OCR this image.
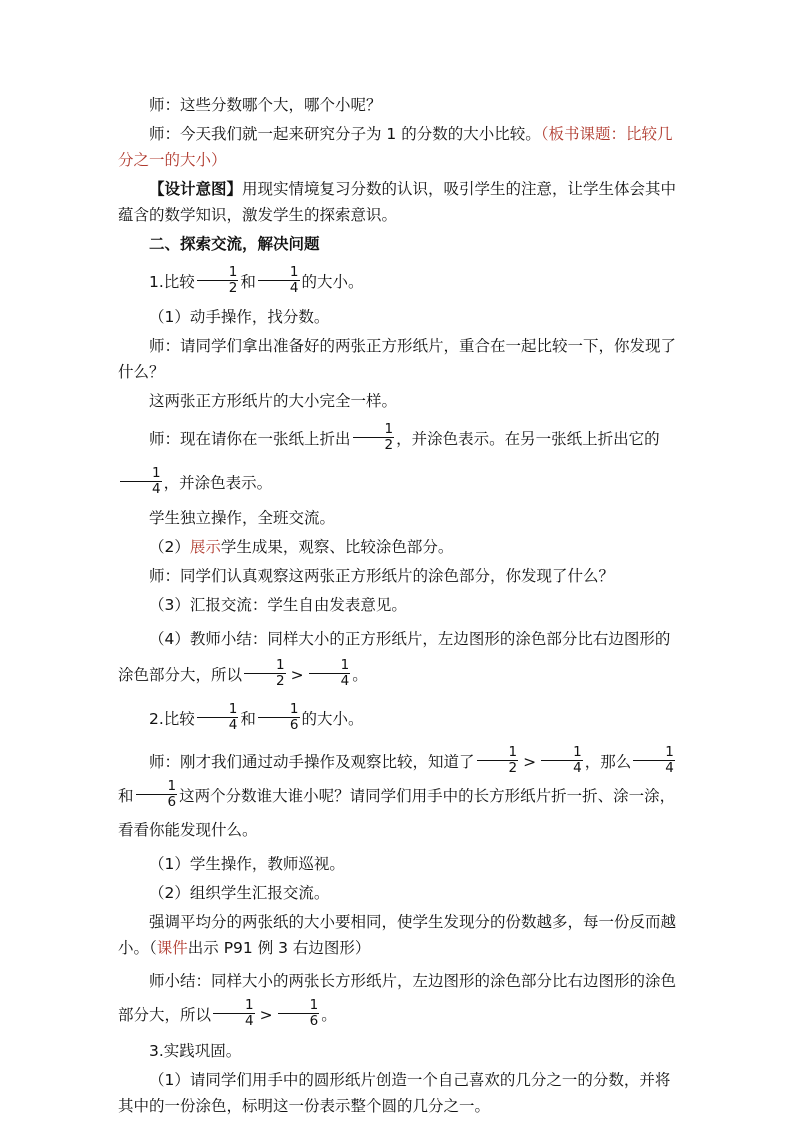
师：这些分数哪个大，哪个小呢？

师：今天我们就一起来研究分子为 1 的分数的大小比较。（板书课题：比较几分之一的大小）

【设计意图】用现实情境复习分数的认识，吸引学生的注意，让学生体会其中蕴含的数学知识，激发学生的探索意识。

二、探索交流，解决问题

1.比较 $\frac{1}{2}$ 和 $\frac{1}{4}$ 的大小。

（1）动手操作，找分数。

师：请同学们拿出准备好的两张正方形纸片，重合在一起比较一下，你发现了什么？

这两张正方形纸片的大小完全一样。

师：现在请你在一张纸上折出 $\frac{1}{2}$ ，并涂色表示。在另一张纸上折出它的
$\frac{1}{4}$ ，并涂色表示。

学生独立操作，全班交流。

（2）展示学生成果，观察、比较涂色部分。

师：同学们认真观察这两张正方形纸片的涂色部分，你发现了什么？

（3）汇报交流：学生自由发表意见。

（4）教师小结：同样大小的正方形纸片，左边图形的涂色部分比右边图形的涂色部分大，所以 $\frac{1}{2} > \frac{1}{4}$ 。

2.比较 $\frac{1}{4}$ 和 $\frac{1}{6}$ 的大小。

师：刚才我们通过动手操作及观察比较，知道了 $\frac{1}{2} > \frac{1}{4}$ ，那么 $\frac{1}{4}$
和 $\frac{1}{6}$ 这两个分数谁大谁小呢？请同学们用手中的长方形纸片折一折、涂一涂，看看你能发现什么。

（1）学生操作，教师巡视。

（2）组织学生汇报交流。

强调平均分的两张纸的大小要相同，使学生发现分的份数越多，每一份反而越小。（课件出示 P91 例 3 右边图形）

师小结：同样大小的两张长方形纸片，左边图形的涂色部分比右边图形的涂色部分大，所以 $\frac{1}{4} > \frac{1}{6}$ 。

3.实践巩固。

（1）请同学们用手中的圆形纸片创造一个自己喜欢的几分之一的分数，并将其中的一份涂色，标明这一份表示整个圆的几分之一。
